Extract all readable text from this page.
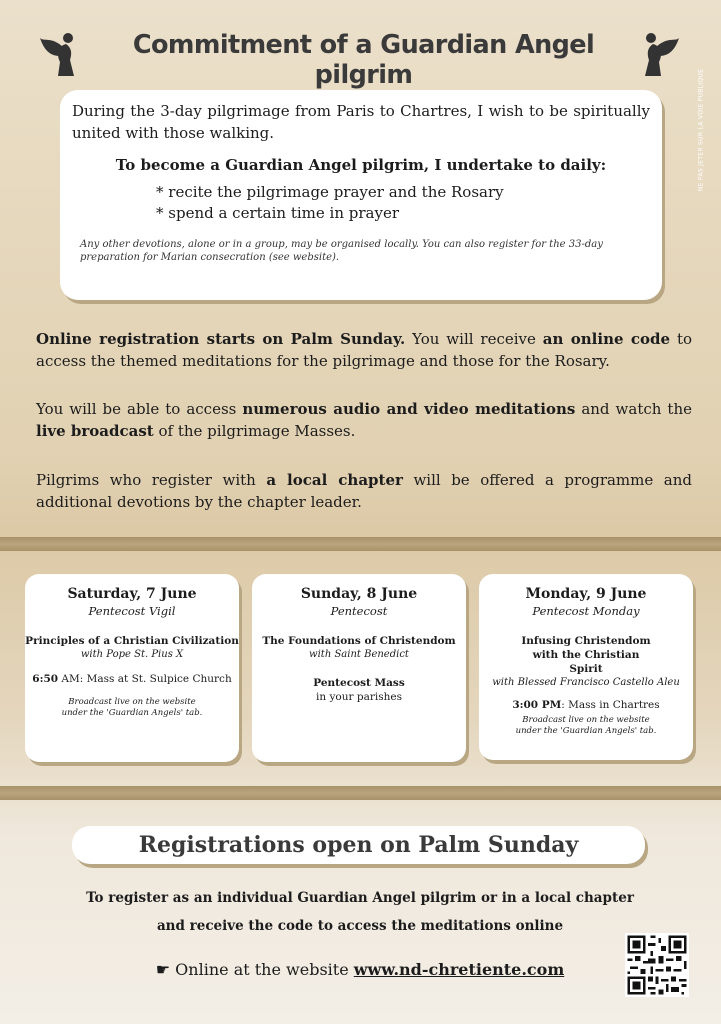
Commitment of a Guardian Angel pilgrim	NE PAS JETER SUR LA VOIE PUBLIQUE

During the 3-day pilgrimage from Paris to Chartres, I wish to be spiritually united with those walking.

To become a Guardian Angel pilgrim, I undertake to daily:

* recite the pilgrimage prayer and the Rosary
* spend a certain time in prayer

Any other devotions, alone or in a group, may be organised locally. You can also register for the 33-day preparation for Marian consecration (see website).

Online registration starts on Palm Sunday. You will receive an online code to access the themed meditations for the pilgrimage and those for the Rosary.

You will be able to access numerous audio and video meditations and watch the live broadcast of the pilgrimage Masses.

Pilgrims who register with a local chapter will be offered a programme and additional devotions by the chapter leader.

Saturday, 7 June

Pentecost Vigil

Principles of a Christian Civilization

with Pope St. Pius X

6:50 AM: Mass at St. Sulpice Church

Broadcast live on the website under the 'Guardian Angels' tab.

Sunday, 8 June

Pentecost

The Foundations of Christendom

with Saint Benedict

Pentecost Mass

in your parishes

Monday, 9 June

Pentecost Monday

Infusing Christendom with the Christian Spirit

with Blessed Francisco Castello Aleu

3:00 PM: Mass in Chartres

Broadcast live on the website under the 'Guardian Angels' tab.

Registrations open on Palm Sunday

To register as an individual Guardian Angel pilgrim or in a local chapter

and receive the code to access the meditations online

☛ Online at the website www.nd-chretiente.com
